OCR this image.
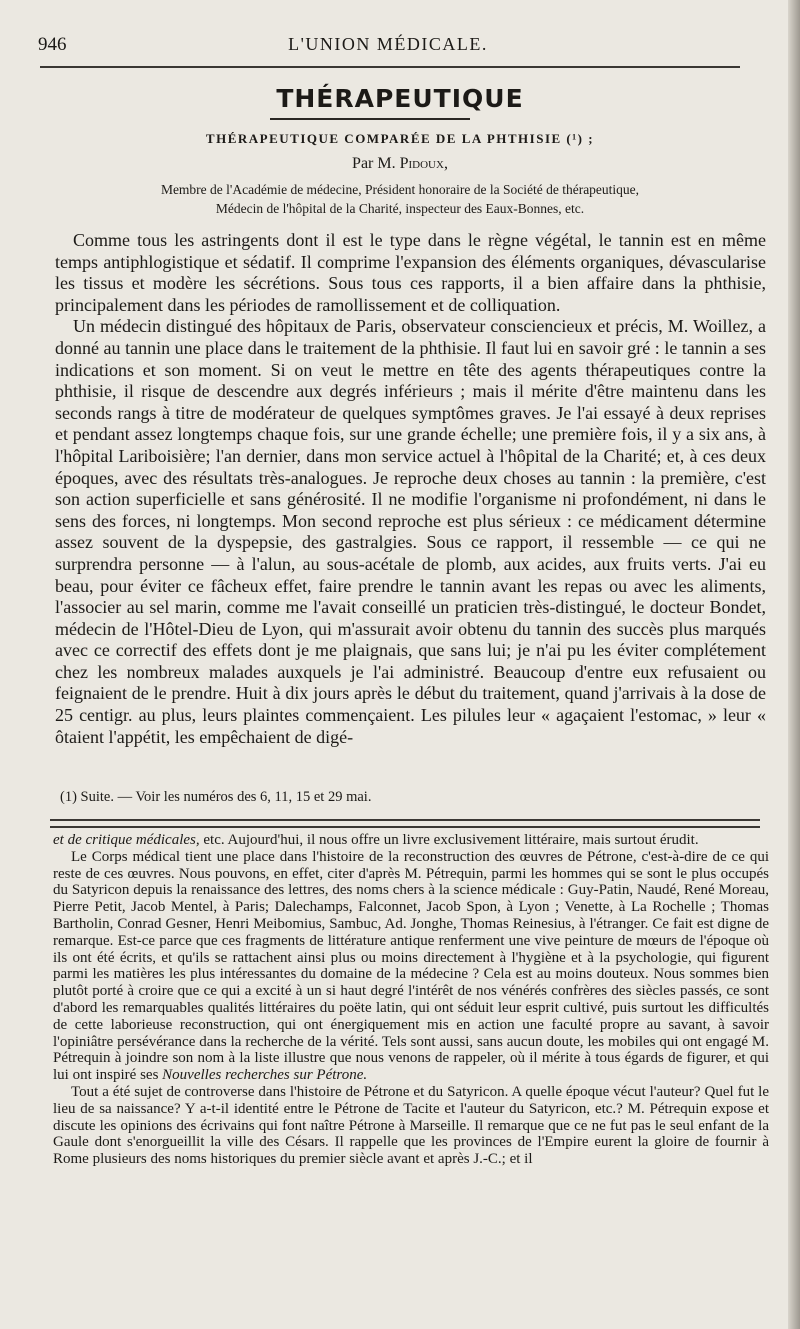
946	L'UNION MÉDICALE.
THÉRAPEUTIQUE
THÉRAPEUTIQUE COMPARÉE DE LA PHTHISIE (¹) ;
Par M. Pidoux,
Membre de l'Académie de médecine, Président honoraire de la Société de thérapeutique,
Médecin de l'hôpital de la Charité, inspecteur des Eaux-Bonnes, etc.

Comme tous les astringents dont il est le type dans le règne végétal, le tannin est en même temps antiphlogistique et sédatif. Il comprime l'expansion des éléments organiques, dévascularise les tissus et modère les sécrétions. Sous tous ces rapports, il a bien affaire dans la phthisie, principalement dans les périodes de ramollissement et de colliquation.

Un médecin distingué des hôpitaux de Paris, observateur consciencieux et précis, M. Woillez, a donné au tannin une place dans le traitement de la phthisie. Il faut lui en savoir gré : le tannin a ses indications et son moment. Si on veut le mettre en tête des agents thérapeutiques contre la phthisie, il risque de descendre aux degrés inférieurs ; mais il mérite d'être maintenu dans les seconds rangs à titre de modérateur de quelques symptômes graves. Je l'ai essayé à deux reprises et pendant assez longtemps chaque fois, sur une grande échelle; une première fois, il y a six ans, à l'hôpital Lariboisière; l'an dernier, dans mon service actuel à l'hôpital de la Charité; et, à ces deux époques, avec des résultats très-analogues. Je reproche deux choses au tannin : la première, c'est son action superficielle et sans générosité. Il ne modifie l'organisme ni profondément, ni dans le sens des forces, ni longtemps. Mon second reproche est plus sérieux : ce médicament détermine assez souvent de la dyspepsie, des gastralgies. Sous ce rapport, il ressemble — ce qui ne surprendra personne — à l'alun, au sous-acétale de plomb, aux acides, aux fruits verts. J'ai eu beau, pour éviter ce fâcheux effet, faire prendre le tannin avant les repas ou avec les aliments, l'associer au sel marin, comme me l'avait conseillé un praticien très-distingué, le docteur Bondet, médecin de l'Hôtel-Dieu de Lyon, qui m'assurait avoir obtenu du tannin des succès plus marqués avec ce correctif des effets dont je me plaignais, que sans lui; je n'ai pu les éviter complétement chez les nombreux malades auxquels je l'ai administré. Beaucoup d'entre eux refusaient ou feignaient de le prendre. Huit à dix jours après le début du traitement, quand j'arrivais à la dose de 25 centigr. au plus, leurs plaintes commençaient. Les pilules leur « agaçaient l'estomac, » leur « ôtaient l'appétit, les empêchaient de digé-

(1) Suite. — Voir les numéros des 6, 11, 15 et 29 mai.

et de critique médicales, etc. Aujourd'hui, il nous offre un livre exclusivement littéraire, mais surtout érudit.

Le Corps médical tient une place dans l'histoire de la reconstruction des œuvres de Pétrone, c'est-à-dire de ce qui reste de ces œuvres. Nous pouvons, en effet, citer d'après M. Pétrequin, parmi les hommes qui se sont le plus occupés du Satyricon depuis la renaissance des lettres, des noms chers à la science médicale : Guy-Patin, Naudé, René Moreau, Pierre Petit, Jacob Mentel, à Paris; Dalechamps, Falconnet, Jacob Spon, à Lyon ; Venette, à La Rochelle ; Thomas Bartholin, Conrad Gesner, Henri Meibomius, Sambuc, Ad. Jonghe, Thomas Reinesius, à l'étranger. Ce fait est digne de remarque. Est-ce parce que ces fragments de littérature antique renferment une vive peinture de mœurs de l'époque où ils ont été écrits, et qu'ils se rattachent ainsi plus ou moins directement à l'hygiène et à la psychologie, qui figurent parmi les matières les plus intéressantes du domaine de la médecine ? Cela est au moins douteux. Nous sommes bien plutôt porté à croire que ce qui a excité à un si haut degré l'intérêt de nos vénérés confrères des siècles passés, ce sont d'abord les remarquables qualités littéraires du poëte latin, qui ont séduit leur esprit cultivé, puis surtout les difficultés de cette laborieuse reconstruction, qui ont énergiquement mis en action une faculté propre au savant, à savoir l'opiniâtre persévérance dans la recherche de la vérité. Tels sont aussi, sans aucun doute, les mobiles qui ont engagé M. Pétrequin à joindre son nom à la liste illustre que nous venons de rappeler, où il mérite à tous égards de figurer, et qui lui ont inspiré ses Nouvelles recherches sur Pétrone.

Tout a été sujet de controverse dans l'histoire de Pétrone et du Satyricon. A quelle époque vécut l'auteur? Quel fut le lieu de sa naissance? Y a-t-il identité entre le Pétrone de Tacite et l'auteur du Satyricon, etc.? M. Pétrequin expose et discute les opinions des écrivains qui font naître Pétrone à Marseille. Il remarque que ce ne fut pas le seul enfant de la Gaule dont s'enorgueillit la ville des Césars. Il rappelle que les provinces de l'Empire eurent la gloire de fournir à Rome plusieurs des noms historiques du premier siècle avant et après J.-C.; et il
